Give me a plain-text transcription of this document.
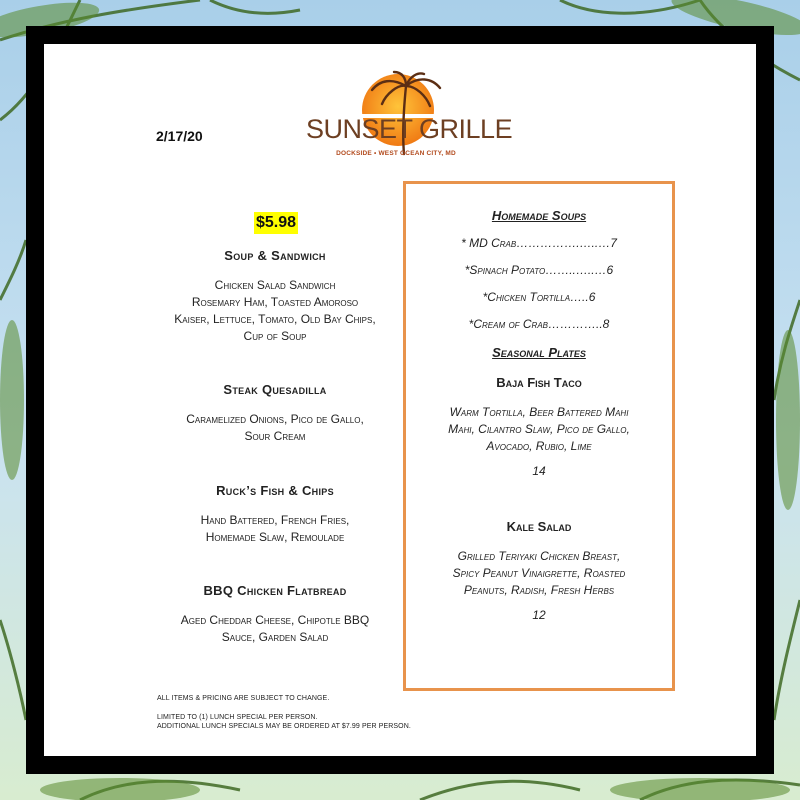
2/17/20	SUNSET GRILLE
DOCKSIDE • WEST OCEAN CITY, MD
$5.98
Soup & Sandwich
Chicken Salad Sandwich
Rosemary Ham, Toasted Amoroso
Kaiser, Lettuce, Tomato, Old Bay Chips,
Cup of Soup
Steak Quesadilla
Caramelized Onions, Pico de Gallo,
Sour Cream
Ruck’s Fish & Chips
Hand Battered, French Fries,
Homemade Slaw, Remoulade
BBQ Chicken Flatbread
Aged Cheddar Cheese, Chipotle BBQ
Sauce, Garden Salad
Homemade Soups
* MD Crab…………….…..…7
*Spinach Potato……..…..…6
*Chicken Tortilla…..6
*Cream of Crab…………..8
Seasonal Plates
Baja Fish Taco
Warm Tortilla, Beer Battered Mahi
Mahi, Cilantro Slaw, Pico de Gallo,
Avocado, Rubio, Lime
14
Kale Salad
Grilled Teriyaki Chicken Breast,
Spicy Peanut Vinaigrette, Roasted
Peanuts, Radish, Fresh Herbs
12
ALL ITEMS & PRICING ARE SUBJECT TO CHANGE.
LIMITED TO (1) LUNCH SPECIAL PER PERSON.
ADDITIONAL LUNCH SPECIALS MAY BE ORDERED AT $7.99 PER PERSON.
